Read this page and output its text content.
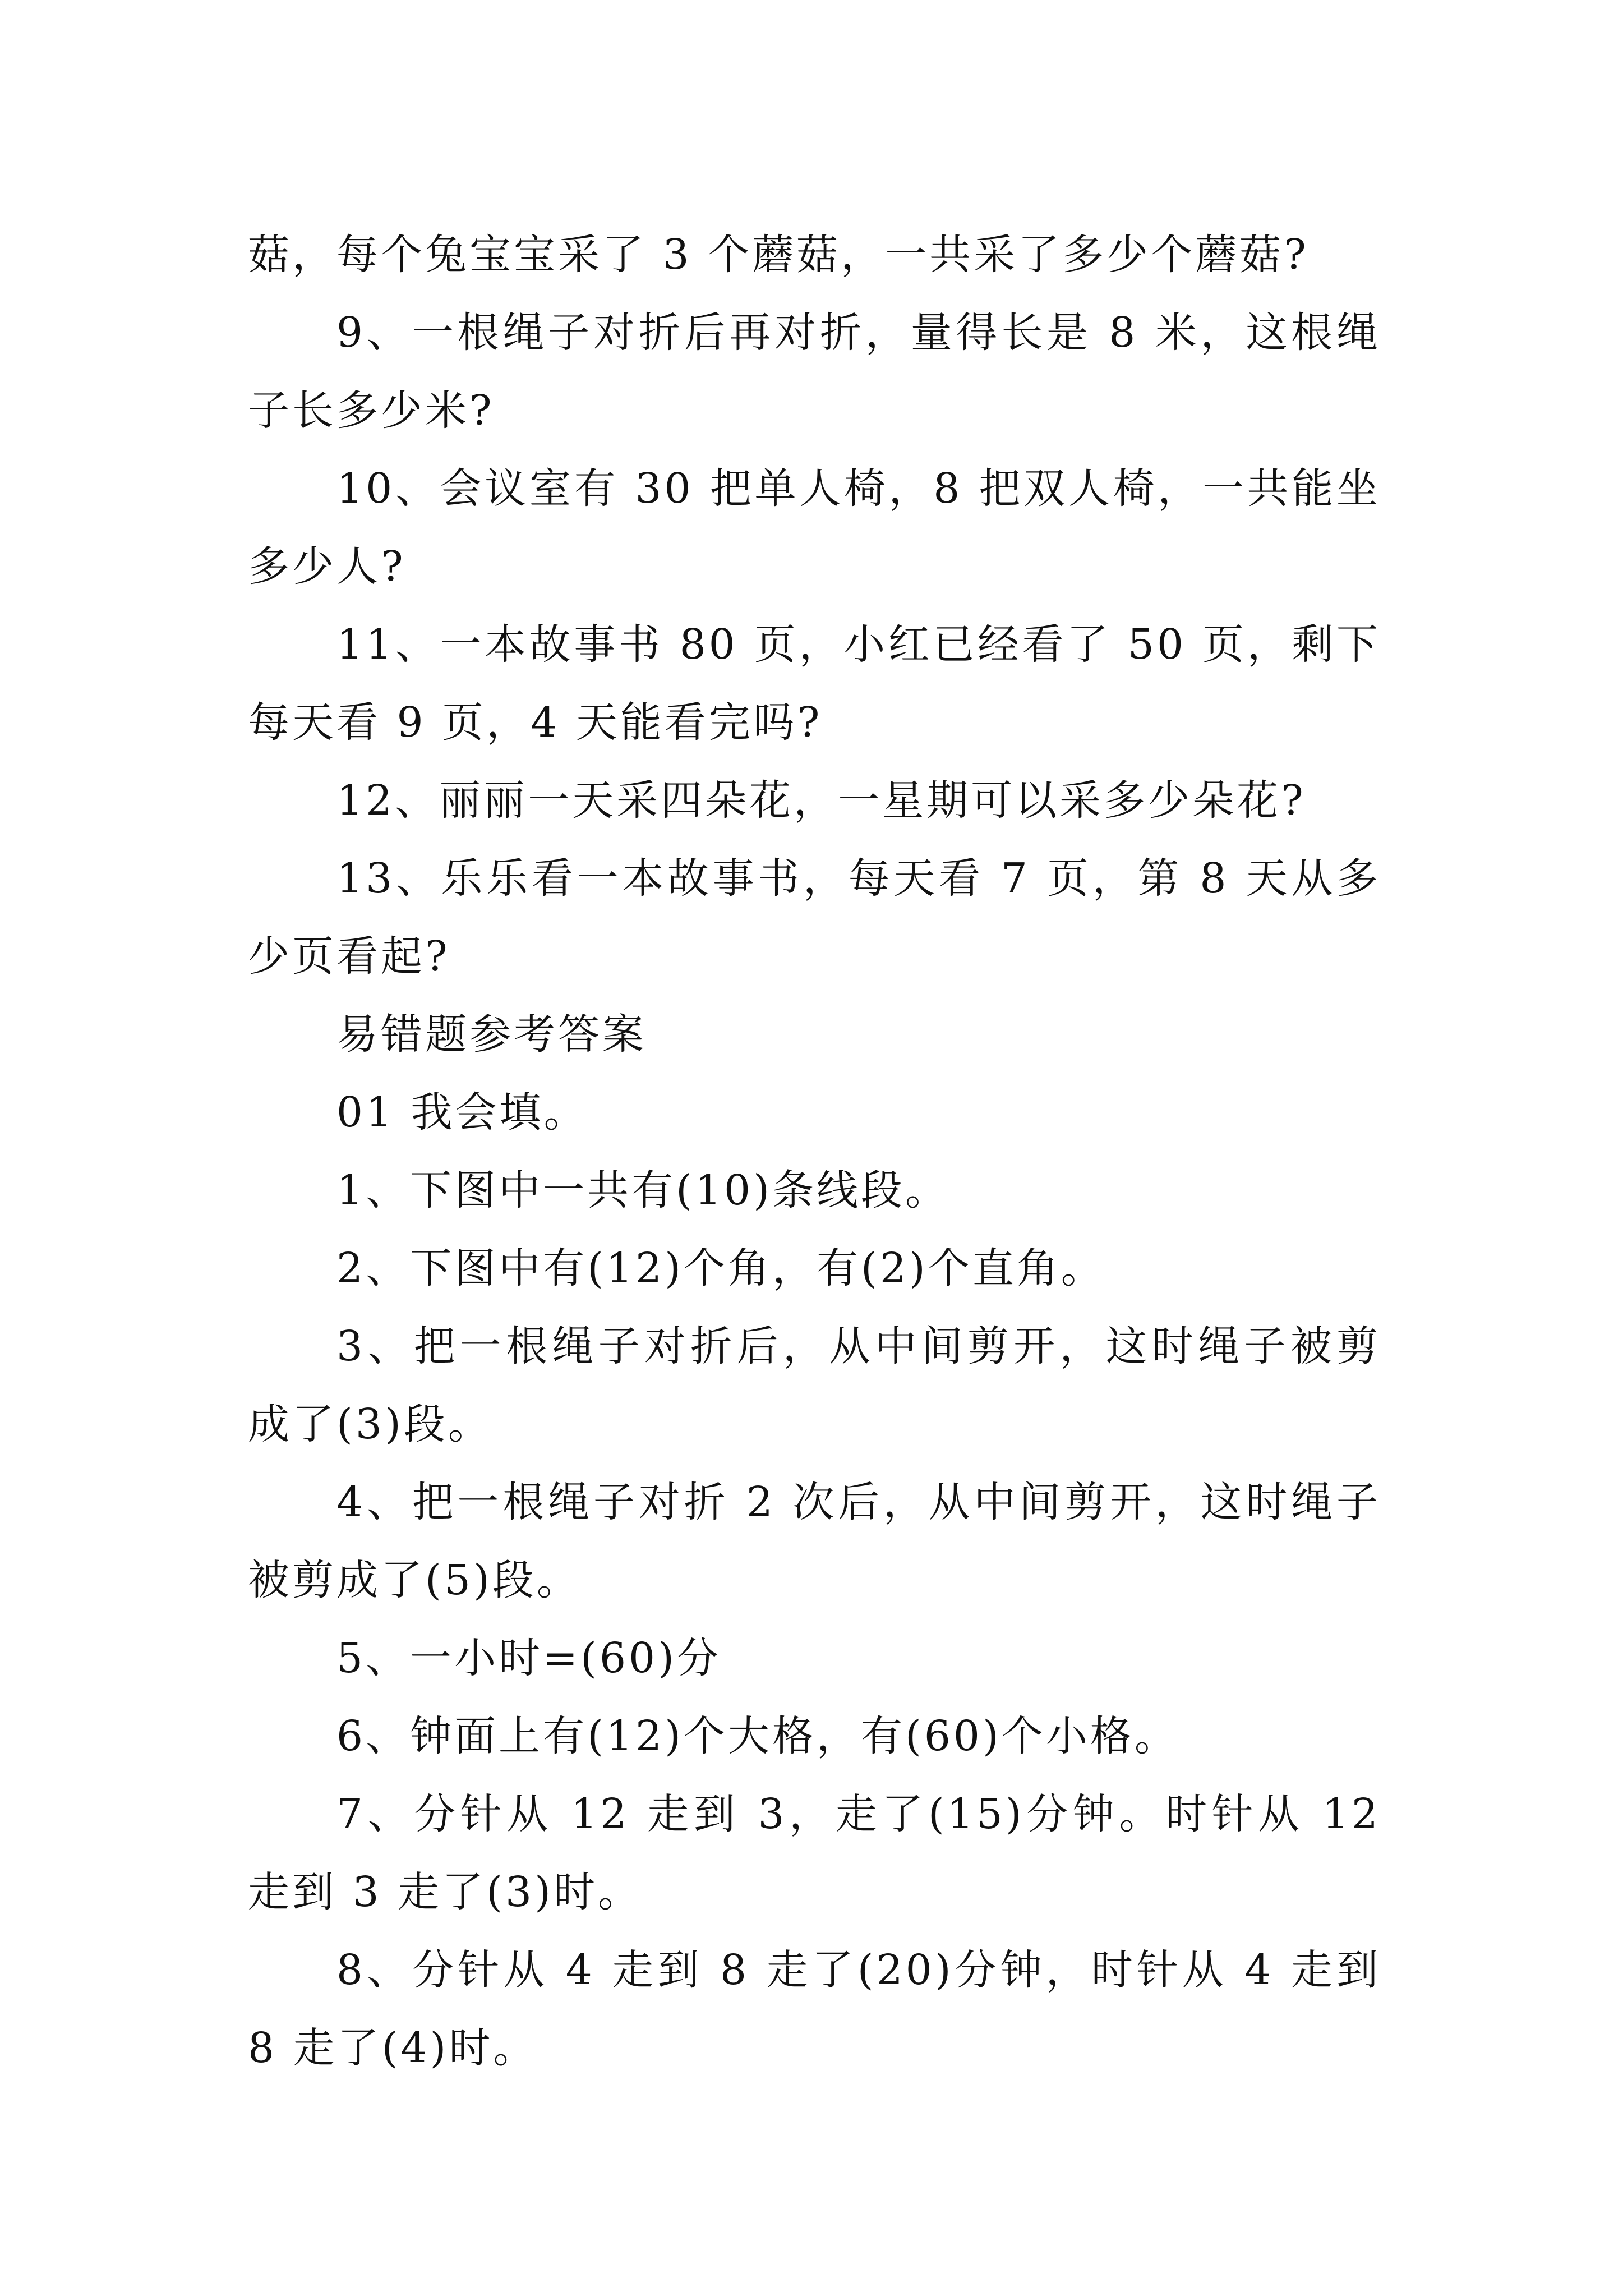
菇，每个兔宝宝采了 3 个蘑菇，一共采了多少个蘑菇?

9、一根绳子对折后再对折，量得长是 8 米，这根绳子长多少米?

10、会议室有 30 把单人椅，8 把双人椅，一共能坐多少人?

11、一本故事书 80 页，小红已经看了 50 页，剩下每天看 9 页，4 天能看完吗?

12、丽丽一天采四朵花，一星期可以采多少朵花?

13、乐乐看一本故事书，每天看 7 页，第 8 天从多少页看起?

易错题参考答案

01 我会填。

1、下图中一共有(10)条线段。

2、下图中有(12)个角，有(2)个直角。

3、把一根绳子对折后，从中间剪开，这时绳子被剪成了(3)段。

4、把一根绳子对折 2 次后，从中间剪开，这时绳子被剪成了(5)段。

5、一小时=(60)分

6、钟面上有(12)个大格，有(60)个小格。

7、分针从 12 走到 3，走了(15)分钟。时针从 12 走到 3 走了(3)时。

8、分针从 4 走到 8 走了(20)分钟，时针从 4 走到 8 走了(4)时。
